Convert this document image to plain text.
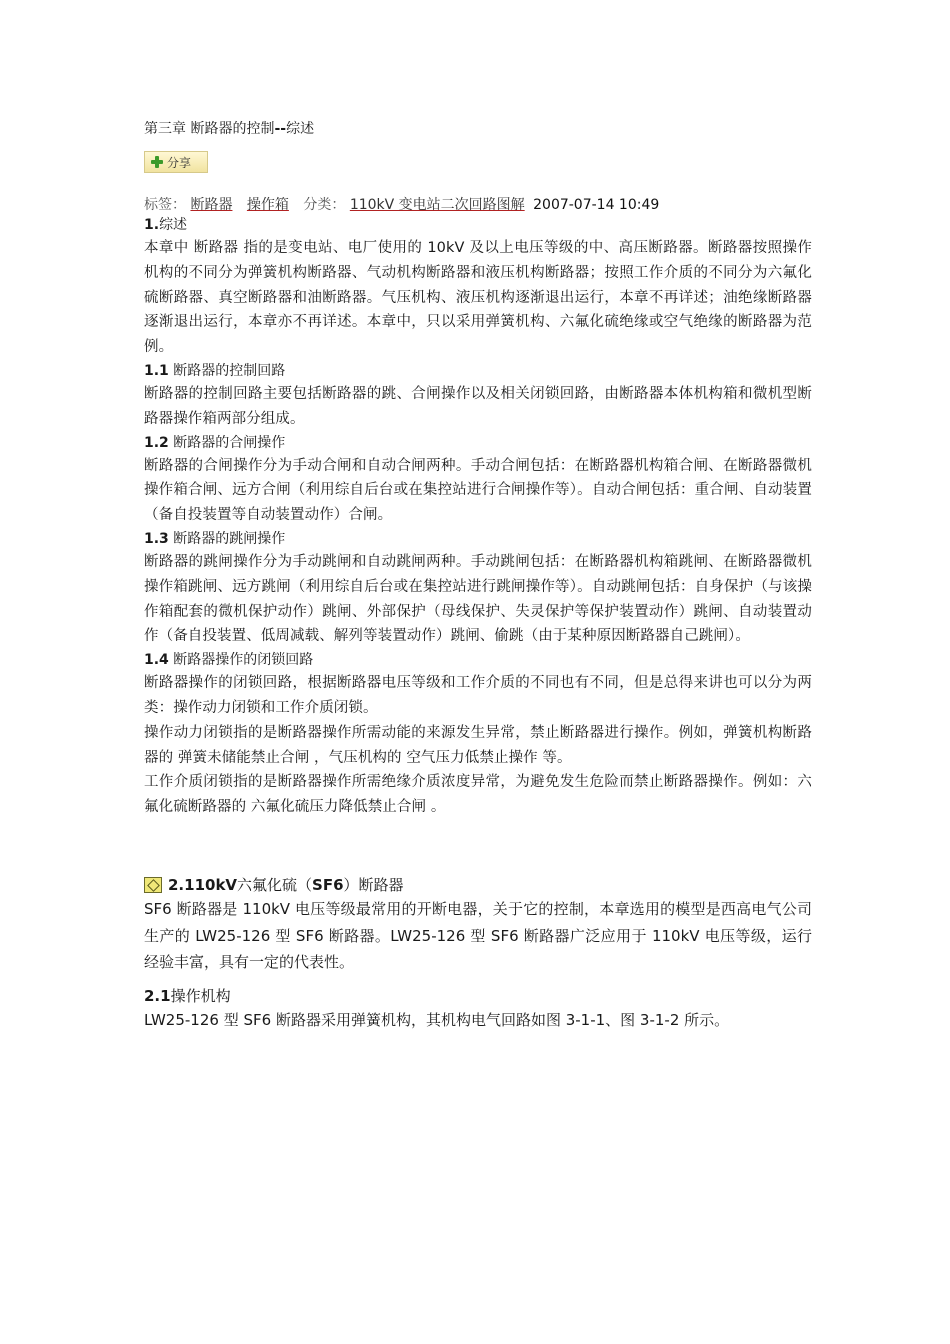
第三章 断路器的控制--综述
分享
标签： 断路器 操作箱 分类： 110kV 变电站二次回路图解 2007-07-14 10:49
1.综述

本章中 断路器 指的是变电站、电厂使用的 10kV 及以上电压等级的中、高压断路器。断路器按照操作机构的不同分为弹簧机构断路器、气动机构断路器和液压机构断路器；按照工作介质的不同分为六氟化硫断路器、真空断路器和油断路器。气压机构、液压机构逐渐退出运行，本章不再详述；油绝缘断路器逐渐退出运行，本章亦不再详述。本章中，只以采用弹簧机构、六氟化硫绝缘或空气绝缘的断路器为范例。

1.1 断路器的控制回路

断路器的控制回路主要包括断路器的跳、合闸操作以及相关闭锁回路，由断路器本体机构箱和微机型断路器操作箱两部分组成。

1.2 断路器的合闸操作

断路器的合闸操作分为手动合闸和自动合闸两种。手动合闸包括：在断路器机构箱合闸、在断路器微机操作箱合闸、远方合闸（利用综自后台或在集控站进行合闸操作等）。自动合闸包括：重合闸、自动装置（备自投装置等自动装置动作）合闸。

1.3 断路器的跳闸操作

断路器的跳闸操作分为手动跳闸和自动跳闸两种。手动跳闸包括：在断路器机构箱跳闸、在断路器微机操作箱跳闸、远方跳闸（利用综自后台或在集控站进行跳闸操作等）。自动跳闸包括：自身保护（与该操作箱配套的微机保护动作）跳闸、外部保护（母线保护、失灵保护等保护装置动作）跳闸、自动装置动作（备自投装置、低周减载、解列等装置动作）跳闸、偷跳（由于某种原因断路器自己跳闸）。

1.4 断路器操作的闭锁回路

断路器操作的闭锁回路，根据断路器电压等级和工作介质的不同也有不同，但是总得来讲也可以分为两类：操作动力闭锁和工作介质闭锁。

操作动力闭锁指的是断路器操作所需动能的来源发生异常，禁止断路器进行操作。例如，弹簧机构断路器的 弹簧未储能禁止合闸 ，气压机构的 空气压力低禁止操作 等。

工作介质闭锁指的是断路器操作所需绝缘介质浓度异常，为避免发生危险而禁止断路器操作。例如：六氟化硫断路器的 六氟化硫压力降低禁止合闸 。

2.110kV 六氟化硫（ SF6 ）断路器

SF6 断路器是 110kV 电压等级最常用的开断电器，关于它的控制，本章选用的模型是西高电气公司生产的 LW25-126 型 SF6 断路器。LW25-126 型 SF6 断路器广泛应用于 110kV 电压等级，运行经验丰富，具有一定的代表性。

2.1 操作机构

LW25-126 型 SF6 断路器采用弹簧机构，其机构电气回路如图 3-1-1、图 3-1-2 所示。
